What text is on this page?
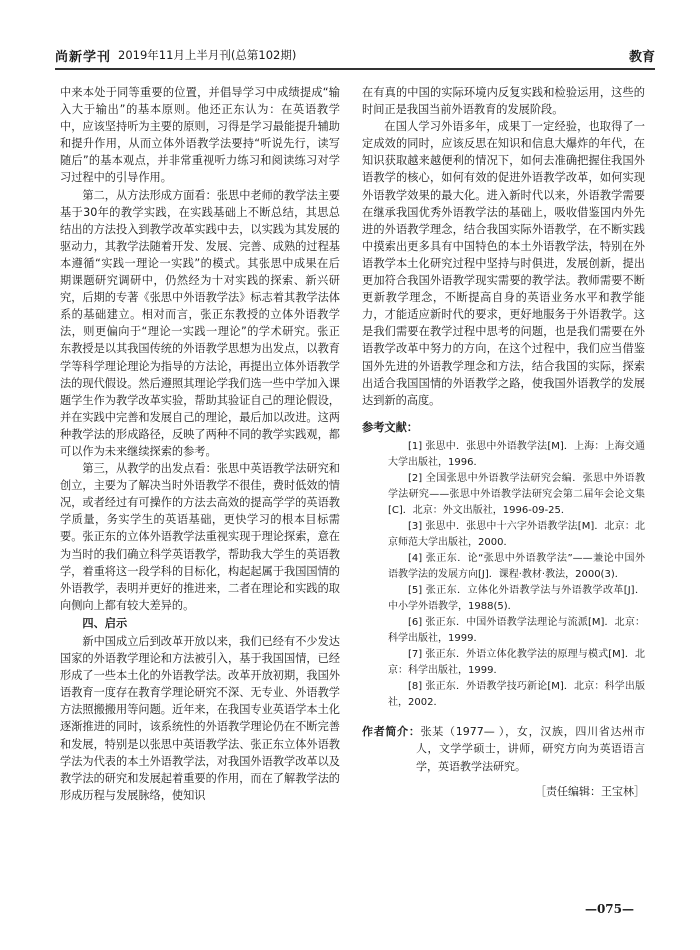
尚新学刊 2019年11月上半月刊(总第102期)	教育

中来本处于同等重要的位置，并倡导学习中成绩提成“输入大于输出”的基本原则。他还正东认为：在英语教学中，应该坚持听为主要的原则，习得是学习最能提升辅助和提升作用，从而立体外语教学法要持“听说先行，读写随后”的基本观点，并非常重视听力练习和阅读练习对学习过程中的引导作用。

第二，从方法形成方面看：张思中老师的教学法主要基于30年的教学实践，在实践基础上不断总结，其思总结出的方法投入到教学改革实践中去，以实践为其发展的驱动力，其教学法随着开发、发展、完善、成熟的过程基本遵循“实践一理论一实践”的模式。其张思中成果在后期课题研究调研中，仍然经为十对实践的探索、新兴研究，后期的专著《张思中外语教学法》标志着其教学法体系的基础建立。相对而言，张正东教授的立体外语教学法，则更偏向于“理论一实践一理论”的学术研究。张正东教授是以其我国传统的外语教学思想为出发点，以教育学等科学理论理论为指导的方法论，再提出立体外语教学法的现代假设。然后遵照其理论学我们选一些中学加入课题学生作为教学改革实验，帮助其验证自己的理论假设，并在实践中完善和发展自己的理论，最后加以改进。这两种教学法的形成路径，反映了两种不同的教学实践观，都可以作为未来继续探索的参考。

第三，从教学的出发点看：张思中英语教学法研究和创立，主要为了解决当时外语教学不很佳，费时低效的情况，或者经过有可操作的方法去高效的提高学学的英语教学质量，务实学生的英语基础，更快学习的根本目标需要。张正东的立体外语教学法重视实现于理论探索，意在为当时的我们确立科学英语教学，帮助我大学生的英语教学，着重将这一段学科的目标化，构起起属于我国国情的外语教学，表明并更好的推进来，二者在理论和实践的取向侧向上都有较大差异的。

四、启示

新中国成立后到改革开放以来，我们已经有不少发达国家的外语教学理论和方法被引入，基于我国国情，已经形成了一些本土化的外语教学法。改革开放初期，我国外语教育一度存在教育学理论研究不深、无专业、外语教学方法照搬搬用等问题。近年来，在我国专业英语学本土化逐渐推进的同时，该系统性的外语教学理论仍在不断完善和发展，特别是以张思中英语教学法、张正东立体外语教学法为代表的本土外语教学法，对我国外语教学改革以及教学法的研究和发展起着重要的作用，而在了解教学法的形成历程与发展脉络，使知识

在有真的中国的实际环境内反复实践和检验运用，这些的时间正是我国当前外语教育的发展阶段。

在国人学习外语多年，成果丁一定经验，也取得了一定成效的同时，应该反思在知识和信息大爆炸的年代，在知识获取越来越便利的情况下，如何去准确把握住我国外语教学的核心，如何有效的促进外语教学改革，如何实现外语教学效果的最大化。进入新时代以来，外语教学需要在继承我国优秀外语教学法的基础上，吸收借鉴国内外先进的外语教学理念，结合我国实际外语教学，在不断实践中摸索出更多具有中国特色的本土外语教学法，特别在外语教学本土化研究过程中坚持与时俱进，发展创新，提出更加符合我国外语教学现实需要的教学法。教师需要不断更新教学理念，不断提高自身的英语业务水平和教学能力，才能适应新时代的要求，更好地服务于外语教学。这是我们需要在教学过程中思考的问题，也是我们需要在外语教学改革中努力的方向，在这个过程中，我们应当借鉴国外先进的外语教学理念和方法，结合我国的实际，探索出适合我国国情的外语教学之路，使我国外语教学的发展达到新的高度。

参考文献：

[1] 张思中．张思中外语教学法[M]．上海：上海交通大学出版社，1996．

[2] 全国张思中外语教学法研究会编．张思中外语教学法研究——张思中外语教学法研究会第二届年会论文集[C]．北京：外文出版社，1996-09-25．

[3] 张思中．张思中十六字外语教学法[M]．北京：北京师范大学出版社，2000．

[4] 张正东．论“张思中外语教学法”——兼论中国外语教学法的发展方向[J]．课程·教材·教法，2000(3)．

[5] 张正东．立体化外语教学法与外语教学改革[J]．中小学外语教学，1988(5)．

[6] 张正东．中国外语教学法理论与流派[M]．北京：科学出版社，1999．

[7] 张正东．外语立体化教学法的原理与模式[M]．北京：科学出版社，1999．

[8] 张正东．外语教学技巧新论[M]．北京：科学出版社，2002．

作者简介：张某（1977— ），女，汉族，四川省达州市人，文学学硕士，讲师，研究方向为英语语言学，英语教学法研究。
［责任编辑：王宝林］
—075—
